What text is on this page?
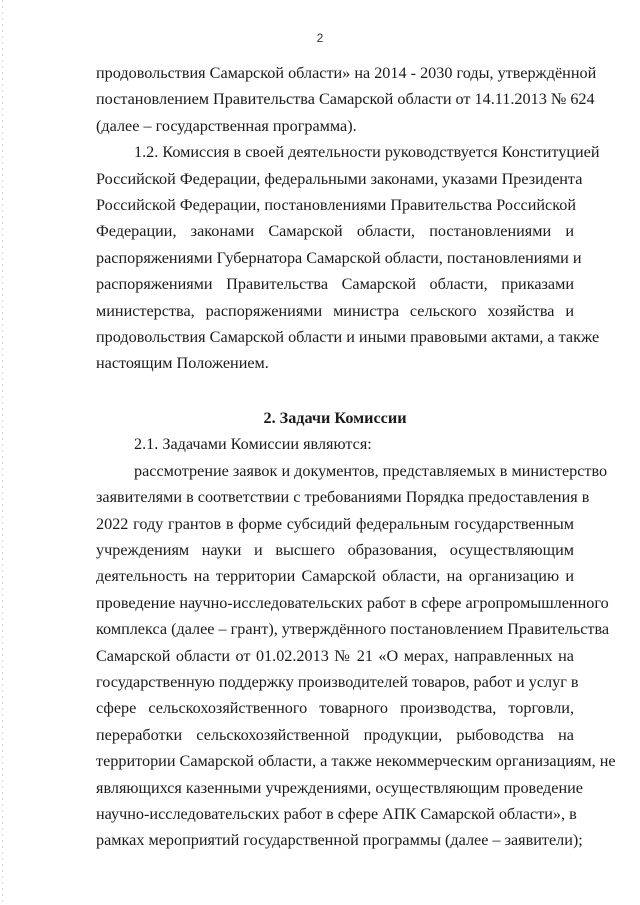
2

продовольствия Самарской области» на 2014 - 2030 годы, утверждённой
постановлением Правительства Самарской области от 14.11.2013 № 624
(далее – государственная программа).

1.2. Комиссия в своей деятельности руководствуется Конституцией
Российской Федерации, федеральными законами, указами Президента
Российской Федерации, постановлениями Правительства Российской
Федерации, законами Самарской области, постановлениями и
распоряжениями Губернатора Самарской области, постановлениями и
распоряжениями Правительства Самарской области, приказами
министерства, распоряжениями министра сельского хозяйства и
продовольствия Самарской области и иными правовыми актами, а также
настоящим Положением.

2. Задачи Комиссии

2.1. Задачами Комиссии являются:

рассмотрение заявок и документов, представляемых в министерство
заявителями в соответствии с требованиями Порядка предоставления в
2022 году грантов в форме субсидий федеральным государственным
учреждениям науки и высшего образования, осуществляющим
деятельность на территории Самарской области, на организацию и
проведение научно-исследовательских работ в сфере агропромышленного
комплекса (далее – грант), утверждённого постановлением Правительства
Самарской области от 01.02.2013 № 21 «О мерах, направленных на
государственную поддержку производителей товаров, работ и услуг в
сфере сельскохозяйственного товарного производства, торговли,
переработки сельскохозяйственной продукции, рыбоводства на
территории Самарской области, а также некоммерческим организациям, не
являющихся казенными учреждениями, осуществляющим проведение
научно-исследовательских работ в сфере АПК Самарской области», в
рамках мероприятий государственной программы (далее – заявители);
